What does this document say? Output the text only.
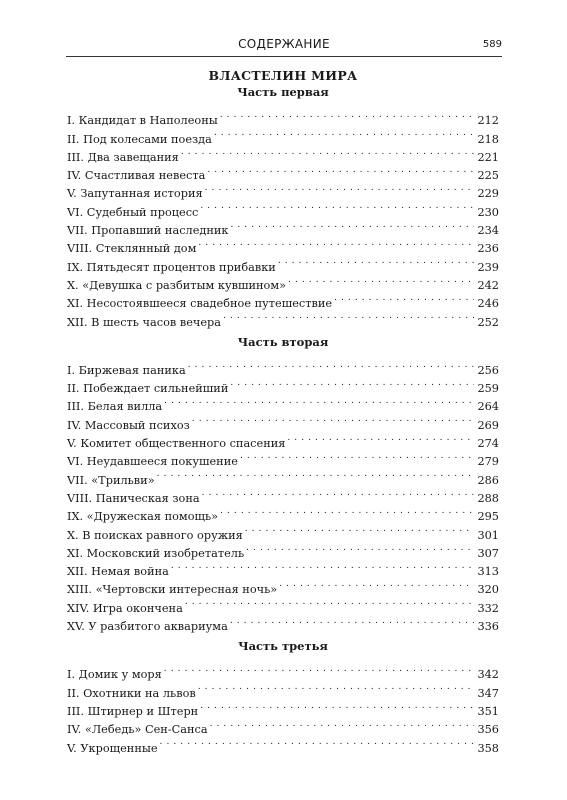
СОДЕРЖАНИЕ	589
ВЛАСТЕЛИН МИРА
Часть первая
I. Кандидат в Наполеоны . . .	212
II. Под колесами поезда . . .	218
III. Два завещания . . .	221
IV. Счастливая невеста . . .	225
V. Запутанная история . . .	229
VI. Судебный процесс . . .	230
VII. Пропавший наследник . . .	234
VIII. Стеклянный дом . . .	236
IX. Пятьдесят процентов прибавки . . .	239
X. «Девушка с разбитым кувшином» . . .	242
XI. Несостоявшееся свадебное путешествие . . .	246
XII. В шесть часов вечера . . .	252
Часть вторая
I. Биржевая паника . . .	256
II. Побеждает сильнейший . . .	259
III. Белая вилла . . .	264
IV. Массовый психоз . . .	269
V. Комитет общественного спасения . . .	274
VI. Неудавшееся покушение . . .	279
VII. «Трильви» . . .	286
VIII. Паническая зона . . .	288
IX. «Дружеская помощь» . . .	295
X. В поисках равного оружия . . .	301
XI. Московский изобретатель . . .	307
XII. Немая война . . .	313
XIII. «Чертовски интересная ночь» . . .	320
XIV. Игра окончена . . .	332
XV. У разбитого аквариума . . .	336
Часть третья
I. Домик у моря . . .	342
II. Охотники на львов . . .	347
III. Штирнер и Штерн . . .	351
IV. «Лебедь» Сен-Санса . . .	356
V. Укрощенные . . .	358
